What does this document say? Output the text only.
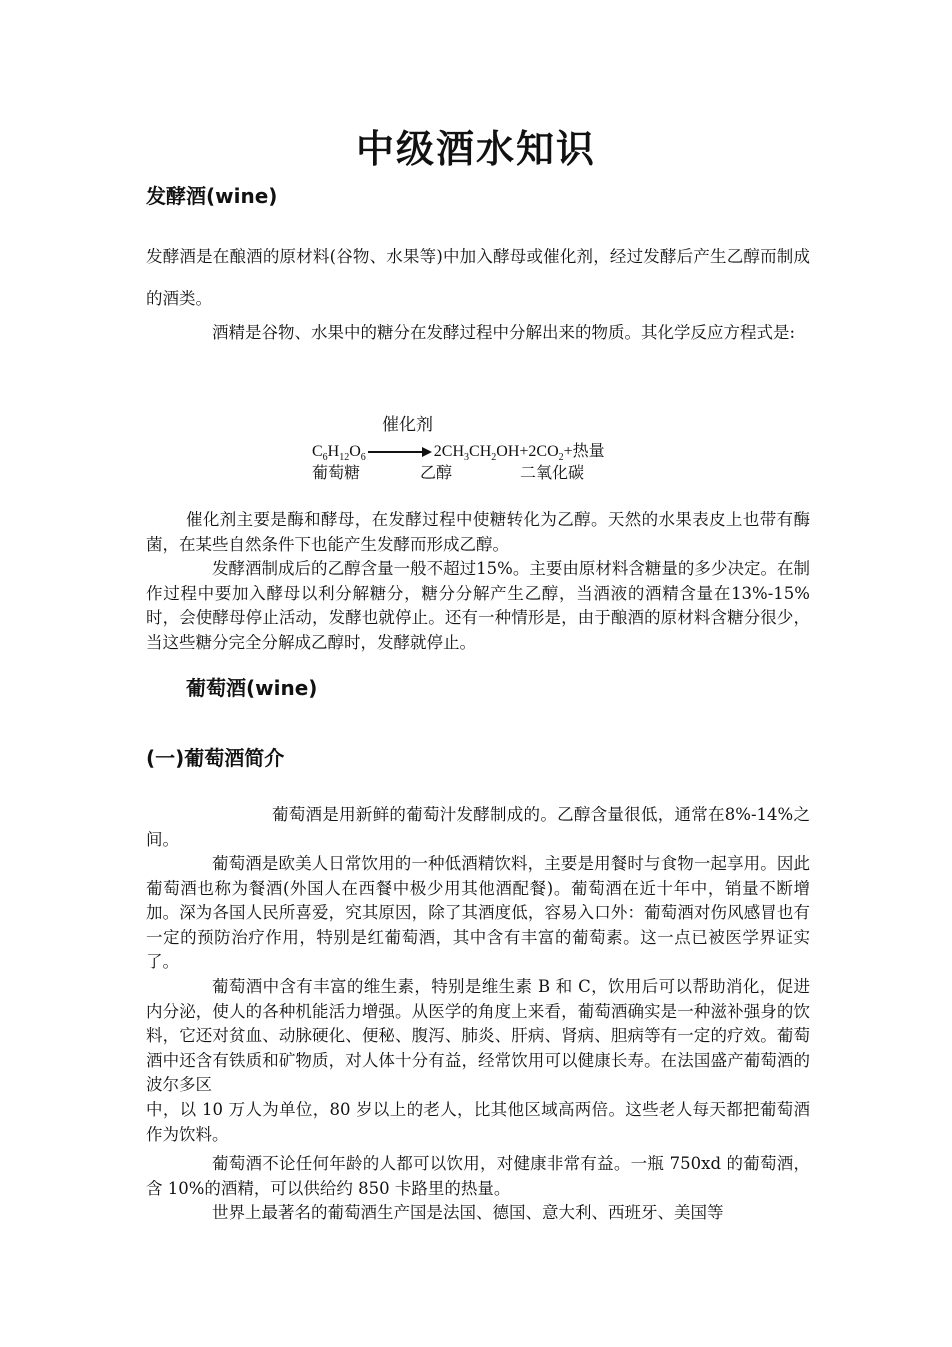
中级酒水知识
发酵酒(wine)

发酵酒是在酿酒的原材料(谷物、水果等)中加入酵母或催化剂，经过发酵后产生乙醇而制成的酒类。

酒精是谷物、水果中的糖分在发酵过程中分解出来的物质。其化学反应方程式是:

催化剂
$C_6H_{12}O_6$	$2CH_3CH_2OH+2CO_2+$热量
葡萄糖	乙醇	二氧化碳

催化剂主要是酶和酵母，在发酵过程中使糖转化为乙醇。天然的水果表皮上也带有酶菌，在某些自然条件下也能产生发酵而形成乙醇。

发酵酒制成后的乙醇含量一般不超过15%。主要由原材料含糖量的多少决定。在制作过程中要加入酵母以利分解糖分，糖分分解产生乙醇，当酒液的酒精含量在13%-15%时，会使酵母停止活动，发酵也就停止。还有一种情形是，由于酿酒的原材料含糖分很少，当这些糖分完全分解成乙醇时，发酵就停止。

葡萄酒(wine)
(一)葡萄酒简介

葡萄酒是用新鲜的葡萄汁发酵制成的。乙醇含量很低，通常在8%-14%之间。

葡萄酒是欧美人日常饮用的一种低酒精饮料，主要是用餐时与食物一起享用。因此葡萄酒也称为餐酒(外国人在西餐中极少用其他酒配餐)。葡萄酒在近十年中，销量不断增加。深为各国人民所喜爱，究其原因，除了其酒度低，容易入口外：葡萄酒对伤风感冒也有一定的预防治疗作用，特别是红葡萄酒，其中含有丰富的葡萄素。这一点已被医学界证实了。

葡萄酒中含有丰富的维生素，特别是维生素 B 和 C，饮用后可以帮助消化，促进内分泌，使人的各种机能活力增强。从医学的角度上来看，葡萄酒确实是一种滋补强身的饮料，它还对贫血、动脉硬化、便秘、腹泻、肺炎、肝病、肾病、胆病等有一定的疗效。葡萄酒中还含有铁质和矿物质，对人体十分有益，经常饮用可以健康长寿。在法国盛产葡萄酒的波尔多区

中，以 10 万人为单位，80 岁以上的老人，比其他区域高两倍。这些老人每天都把葡萄酒作为饮料。

葡萄酒不论任何年龄的人都可以饮用，对健康非常有益。一瓶 750xd 的葡萄酒，含 10%的酒精，可以供给约 850 卡路里的热量。

世界上最著名的葡萄酒生产国是法国、德国、意大利、西班牙、美国等
